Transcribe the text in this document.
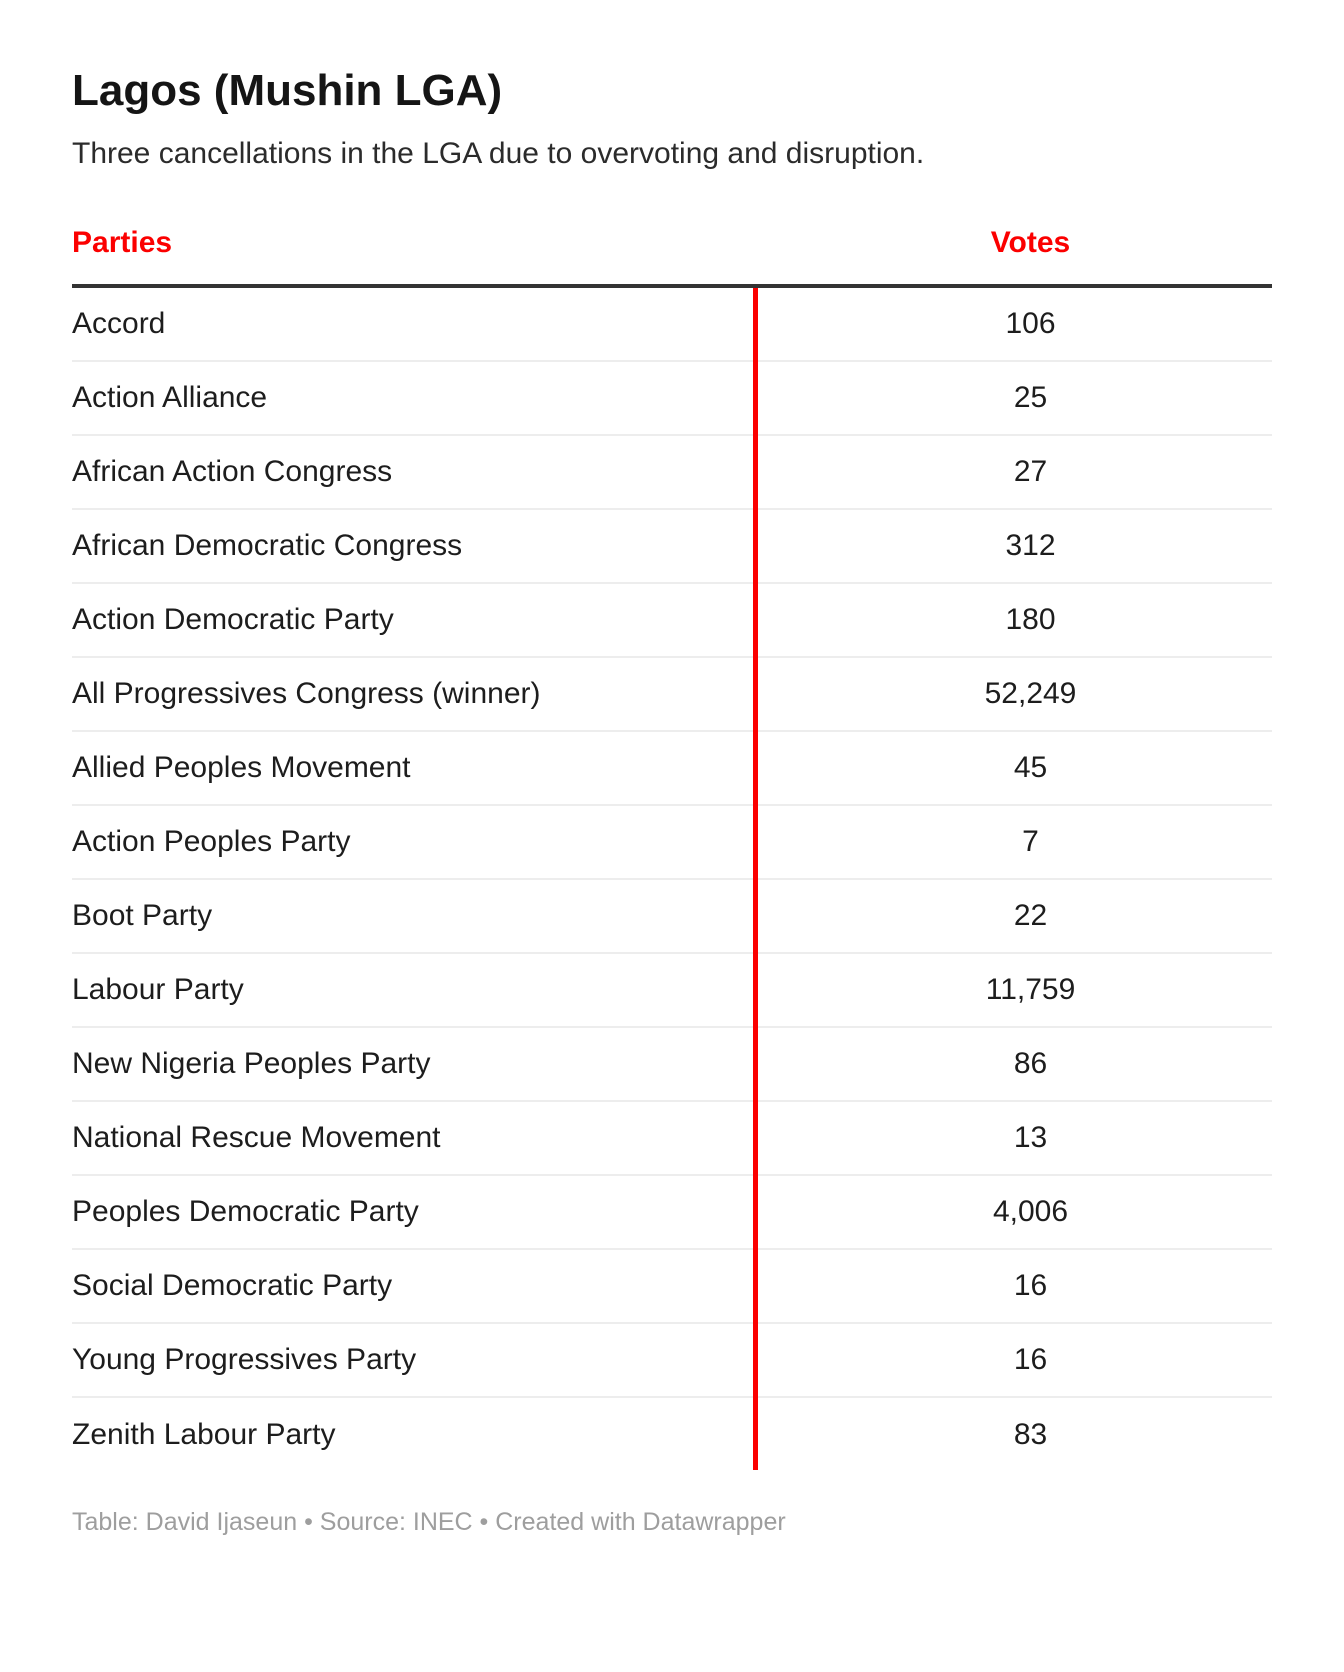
Lagos (Mushin LGA)

Three cancellations in the LGA due to overvoting and disruption.

Parties	Votes
Accord	106
Action Alliance	25
African Action Congress	27
African Democratic Congress	312
Action Democratic Party	180
All Progressives Congress (winner)	52,249
Allied Peoples Movement	45
Action Peoples Party	7
Boot Party	22
Labour Party	11,759
New Nigeria Peoples Party	86
National Rescue Movement	13
Peoples Democratic Party	4,006
Social Democratic Party	16
Young Progressives Party	16
Zenith Labour Party	83

Table: David Ijaseun • Source: INEC • Created with Datawrapper
